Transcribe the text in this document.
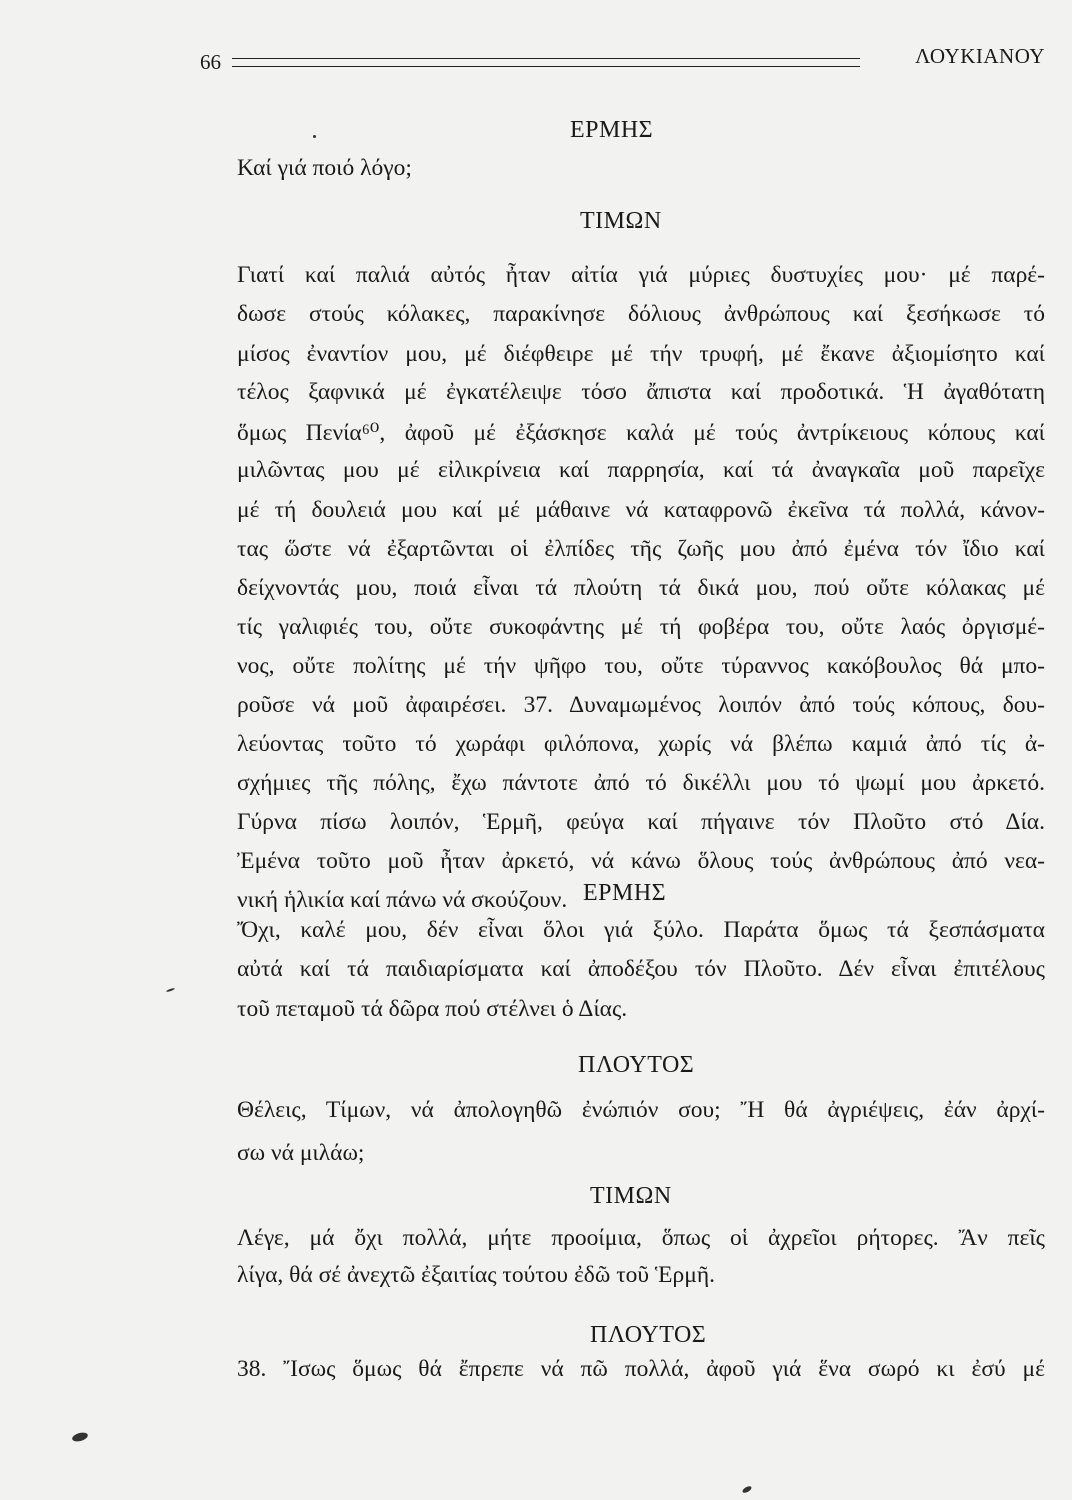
66	ΛΟΥΚΙΑΝΟΥ
ΕΡΜΗΣ
Καί γιά ποιό λόγο;
ΤΙΜΩΝ
Γιατί καί παλιά αὐτός ἦταν αἰτία γιά μύριες δυστυχίες μου· μέ παρέ-
δωσε στούς κόλακες, παρακίνησε δόλιους ἀνθρώπους καί ξεσήκωσε τό
μίσος ἐναντίον μου, μέ διέφθειρε μέ τήν τρυφή, μέ ἔκανε ἀξιομίσητο καί
τέλος ξαφνικά μέ ἐγκατέλειψε τόσο ἄπιστα καί προδοτικά. Ἡ ἀγαθότατη
ὅμως Πενία⁶⁰, ἀφοῦ μέ ἐξάσκησε καλά μέ τούς ἀντρίκειους κόπους καί
μιλῶντας μου μέ εἰλικρίνεια καί παρρησία, καί τά ἀναγκαῖα μοῦ παρεῖχε
μέ τή δουλειά μου καί μέ μάθαινε νά καταφρονῶ ἐκεῖνα τά πολλά, κάνον-
τας ὥστε νά ἐξαρτῶνται οἱ ἐλπίδες τῆς ζωῆς μου ἀπό ἐμένα τόν ἴδιο καί
δείχνοντάς μου, ποιά εἶναι τά πλούτη τά δικά μου, πού οὔτε κόλακας μέ
τίς γαλιφιές του, οὔτε συκοφάντης μέ τή φοβέρα του, οὔτε λαός ὀργισμέ-
νος, οὔτε πολίτης μέ τήν ψῆφο του, οὔτε τύραννος κακόβουλος θά μπο-
ροῦσε νά μοῦ ἀφαιρέσει. 37. Δυναμωμένος λοιπόν ἀπό τούς κόπους, δου-
λεύοντας τοῦτο τό χωράφι φιλόπονα, χωρίς νά βλέπω καμιά ἀπό τίς ἀ-
σχήμιες τῆς πόλης, ἔχω πάντοτε ἀπό τό δικέλλι μου τό ψωμί μου ἀρκετό.
Γύρνα πίσω λοιπόν, Ἑρμῆ, φεύγα καί πήγαινε τόν Πλοῦτο στό Δία.
Ἐμένα τοῦτο μοῦ ἦταν ἀρκετό, νά κάνω ὅλους τούς ἀνθρώπους ἀπό νεα-
νική ἡλικία καί πάνω νά σκούζουν. ΕΡΜΗΣ
Ὄχι, καλέ μου, δέν εἶναι ὅλοι γιά ξύλο. Παράτα ὅμως τά ξεσπάσματα
αὐτά καί τά παιδιαρίσματα καί ἀποδέξου τόν Πλοῦτο. Δέν εἶναι ἐπιτέλους
τοῦ πεταμοῦ τά δῶρα πού στέλνει ὁ Δίας.
ΠΛΟΥΤΟΣ
Θέλεις, Τίμων, νά ἀπολογηθῶ ἐνώπιόν σου; Ἤ θά ἀγριέψεις, ἐάν ἀρχί-
σω νά μιλάω;
ΤΙΜΩΝ
Λέγε, μά ὄχι πολλά, μήτε προοίμια, ὅπως οἱ ἀχρεῖοι ρήτορες. Ἄν πεῖς
λίγα, θά σέ ἀνεχτῶ ἐξαιτίας τούτου ἐδῶ τοῦ Ἑρμῆ.
ΠΛΟΥΤΟΣ
38. Ἴσως ὅμως θά ἔπρεπε νά πῶ πολλά, ἀφοῦ γιά ἕνα σωρό κι ἐσύ μέ
